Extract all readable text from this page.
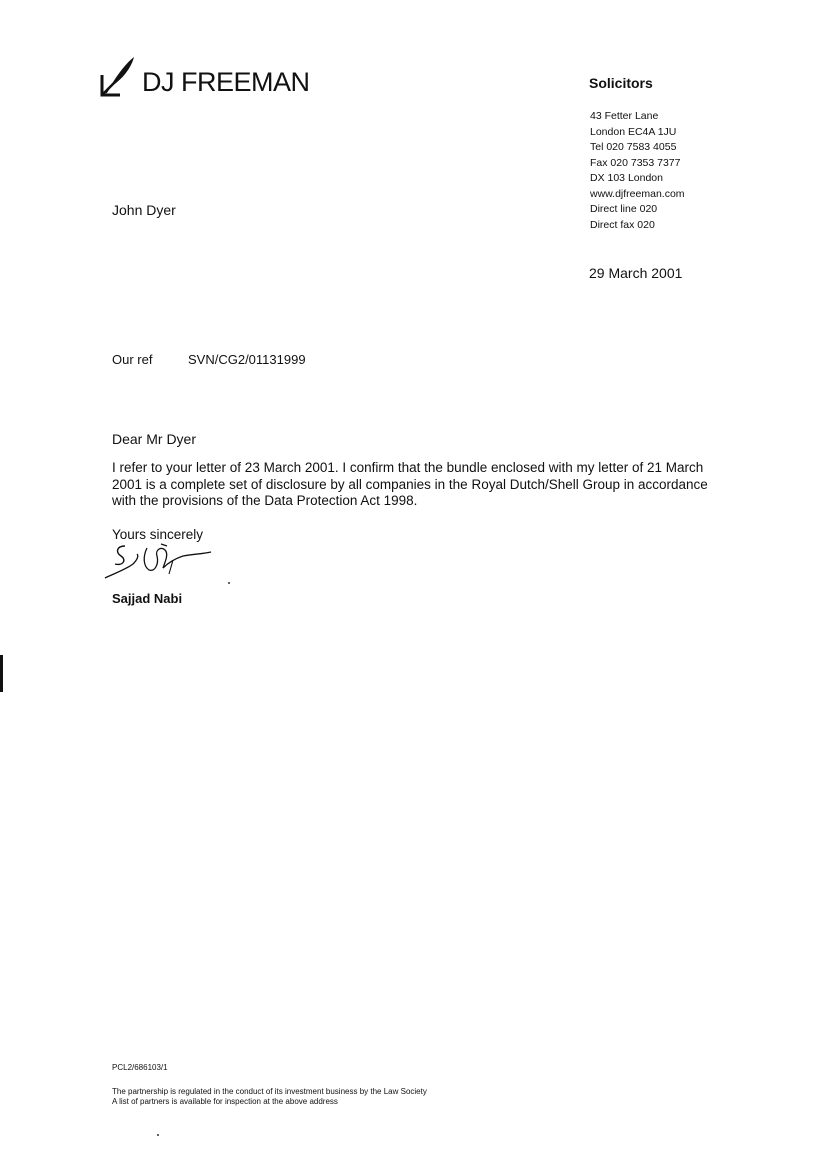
DJ FREEMAN	Solicitors
43 Fetter Lane
London EC4A 1JU
Tel 020 7583 4055
Fax 020 7353 7377
DX 103 London
www.djfreeman.com
Direct line 020
Direct fax 020
John Dyer
29 March 2001
Our ref	SVN/CG2/01131999
Dear Mr Dyer
I refer to your letter of 23 March 2001. I confirm that the bundle enclosed with my letter of 21 March
2001 is a complete set of disclosure by all companies in the Royal Dutch/Shell Group in accordance
with the provisions of the Data Protection Act 1998.
Yours sincerely
Sajjad Nabi
PCL2/686103/1
The partnership is regulated in the conduct of its investment business by the Law Society
A list of partners is available for inspection at the above address
